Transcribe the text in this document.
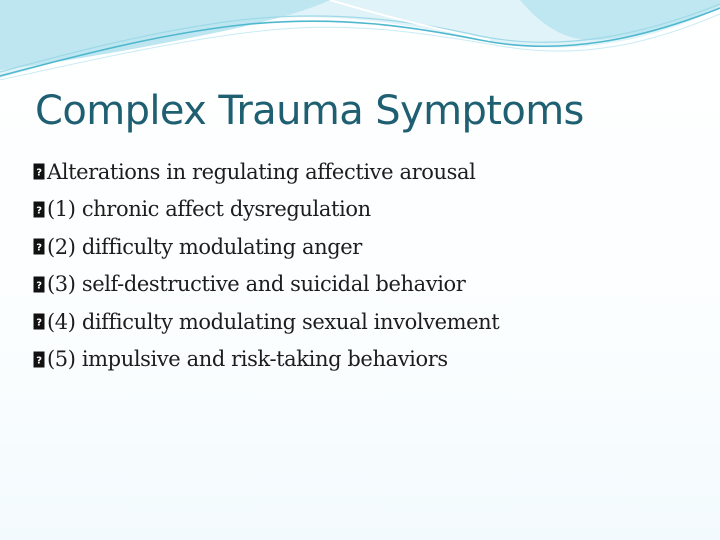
Complex Trauma Symptoms
? Alterations in regulating affective arousal
? (1) chronic affect dysregulation
? (2) difficulty modulating anger
? (3) self-destructive and suicidal behavior
? (4) difficulty modulating sexual involvement
? (5) impulsive and risk-taking behaviors
